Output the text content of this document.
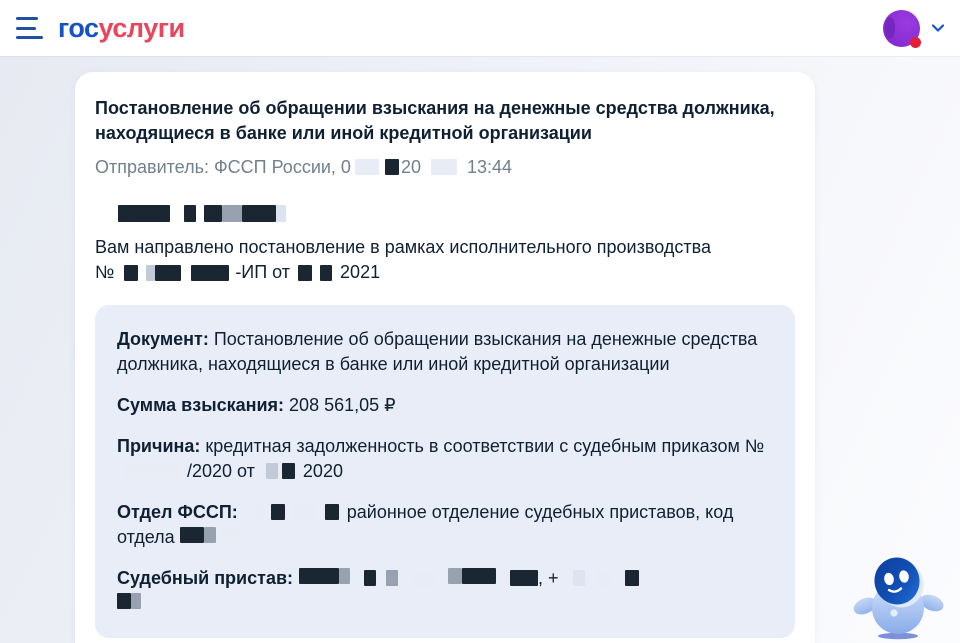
госуслуги
Постановление об обращении взыскания на денежные средства должника, находящиеся в банке или иной кредитной организации
Отправитель: ФССП России, 0	20	13:44
Вам направлено постановление в рамках исполнительного производства
№	-ИП от	2021

Документ: Постановление об обращении взыскания на денежные средства должника, находящиеся в банке или иной кредитной организации

Сумма взыскания: 208 561,05 ₽

Причина: кредитная задолженность в соответствии с судебным приказом №/2020 от	2020

Отдел ФССП:	районное отделение судебных приставов, код отдела

Судебный пристав:	, +
